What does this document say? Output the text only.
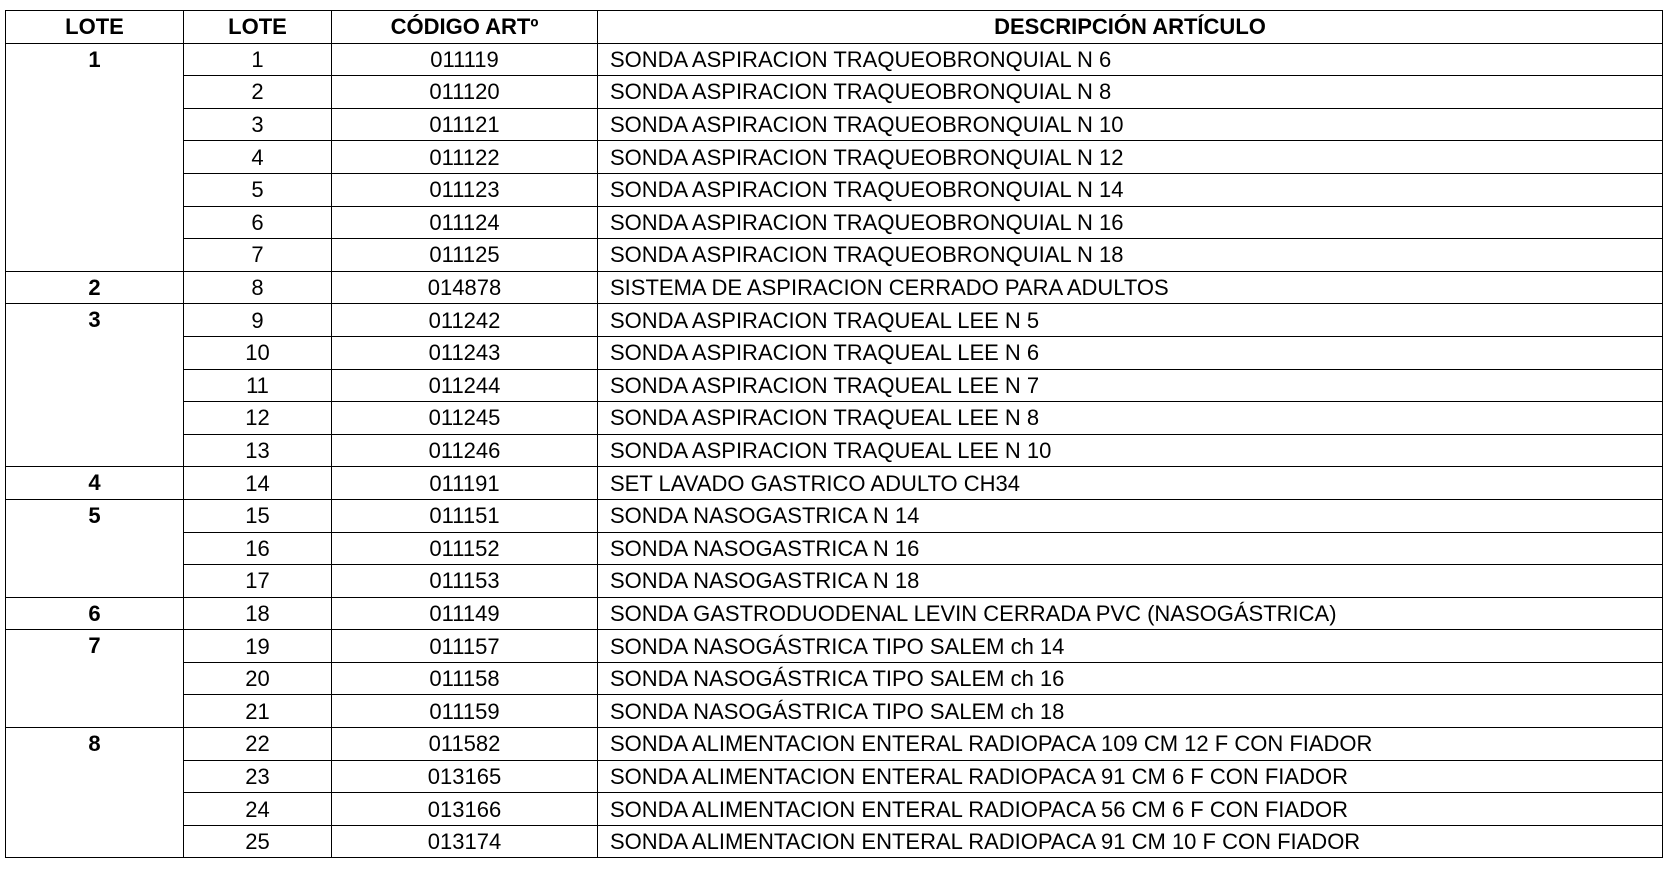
LOTE	LOTE	CÓDIGO ARTº	DESCRIPCIÓN ARTÍCULO
1	1	011119	SONDA ASPIRACION TRAQUEOBRONQUIAL N 6
	2	011120	SONDA ASPIRACION TRAQUEOBRONQUIAL N 8
	3	011121	SONDA ASPIRACION TRAQUEOBRONQUIAL N 10
	4	011122	SONDA ASPIRACION TRAQUEOBRONQUIAL N 12
	5	011123	SONDA ASPIRACION TRAQUEOBRONQUIAL N 14
	6	011124	SONDA ASPIRACION TRAQUEOBRONQUIAL N 16
	7	011125	SONDA ASPIRACION TRAQUEOBRONQUIAL N 18
2	8	014878	SISTEMA DE ASPIRACION CERRADO PARA ADULTOS
3	9	011242	SONDA ASPIRACION TRAQUEAL LEE N 5
	10	011243	SONDA ASPIRACION TRAQUEAL LEE N 6
	11	011244	SONDA ASPIRACION TRAQUEAL LEE N 7
	12	011245	SONDA ASPIRACION TRAQUEAL LEE N 8
	13	011246	SONDA ASPIRACION TRAQUEAL LEE N 10
4	14	011191	SET LAVADO GASTRICO ADULTO CH34
5	15	011151	SONDA NASOGASTRICA N 14
	16	011152	SONDA NASOGASTRICA N 16
	17	011153	SONDA NASOGASTRICA N 18
6	18	011149	SONDA GASTRODUODENAL LEVIN CERRADA PVC (NASOGÁSTRICA)
7	19	011157	SONDA NASOGÁSTRICA TIPO SALEM ch 14
	20	011158	SONDA NASOGÁSTRICA TIPO SALEM ch 16
	21	011159	SONDA NASOGÁSTRICA TIPO SALEM ch 18
8	22	011582	SONDA ALIMENTACION ENTERAL RADIOPACA 109 CM 12 F CON FIADOR
	23	013165	SONDA ALIMENTACION ENTERAL RADIOPACA 91 CM 6 F CON FIADOR
	24	013166	SONDA ALIMENTACION ENTERAL RADIOPACA 56 CM 6 F CON FIADOR
	25	013174	SONDA ALIMENTACION ENTERAL RADIOPACA 91 CM 10 F CON FIADOR
